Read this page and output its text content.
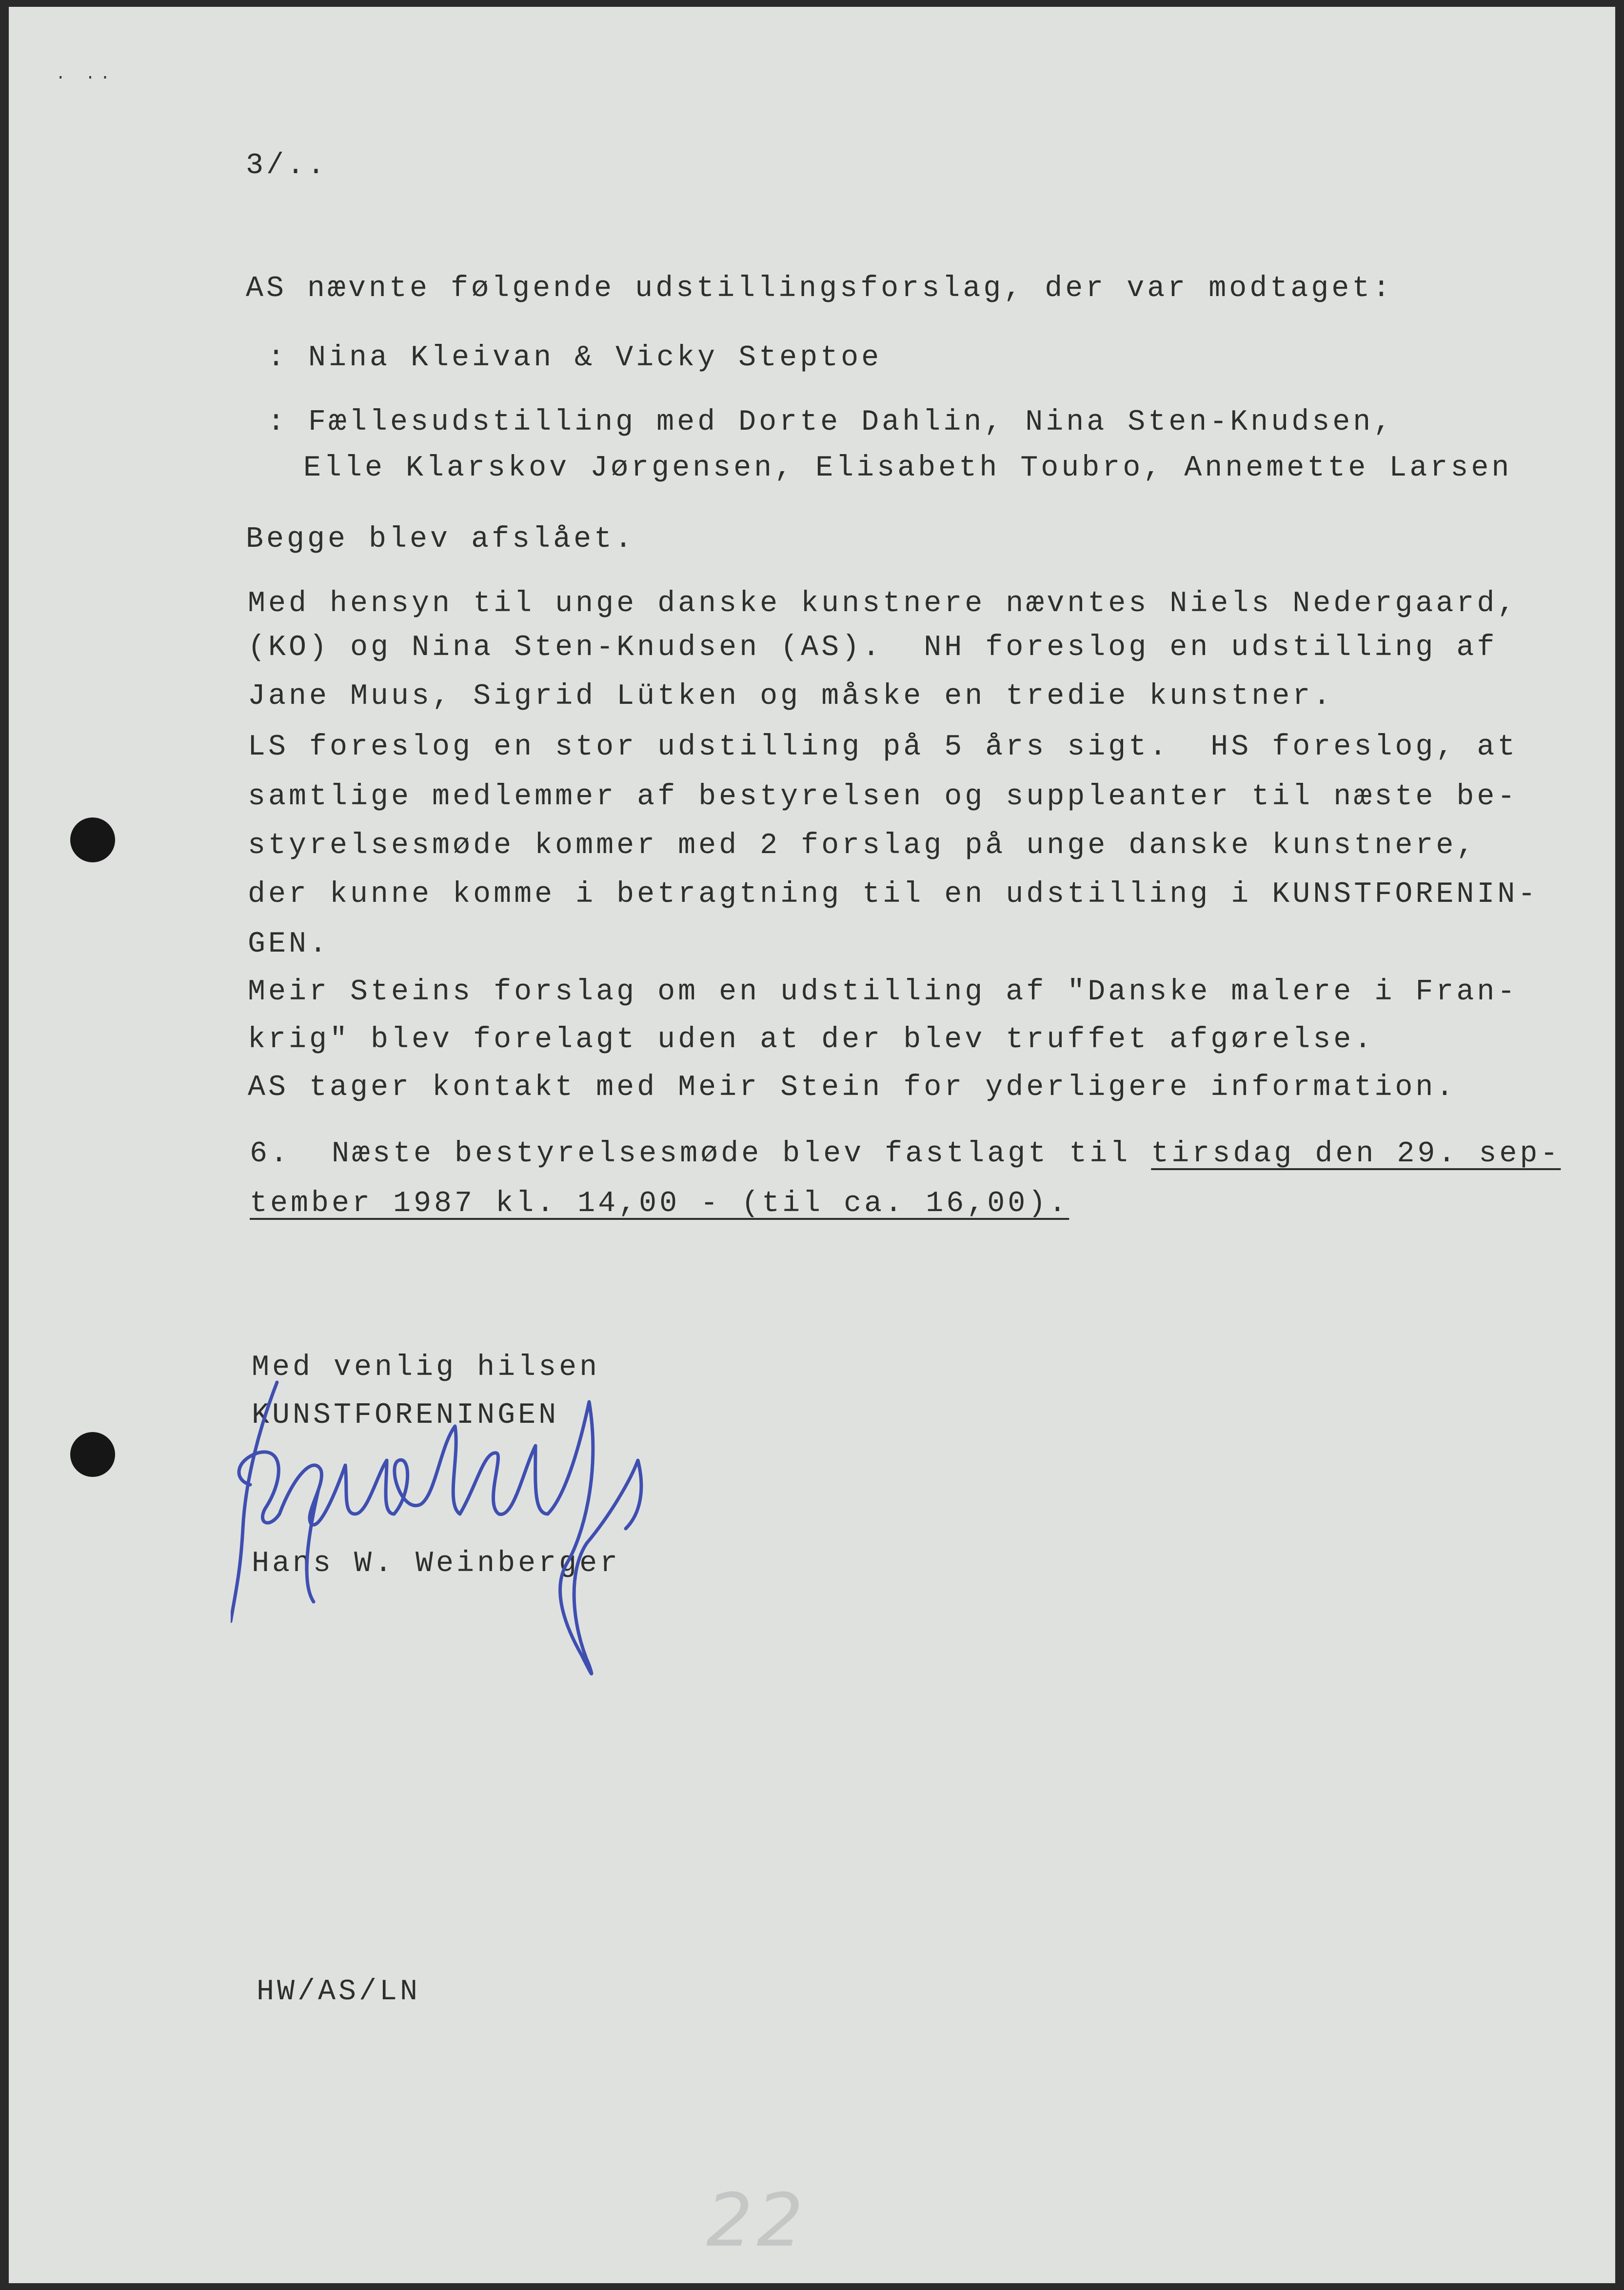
. ..
3/..
AS nævnte følgende udstillingsforslag, der var modtaget:
: Nina Kleivan & Vicky Steptoe
: Fællesudstilling med Dorte Dahlin, Nina Sten-Knudsen,
Elle Klarskov Jørgensen, Elisabeth Toubro, Annemette Larsen
Begge blev afslået.
Med hensyn til unge danske kunstnere nævntes Niels Nedergaard,
(KO) og Nina Sten-Knudsen (AS).  NH foreslog en udstilling af
Jane Muus, Sigrid Lütken og måske en tredie kunstner.
LS foreslog en stor udstilling på 5 års sigt.  HS foreslog, at
samtlige medlemmer af bestyrelsen og suppleanter til næste be-
styrelsesmøde kommer med 2 forslag på unge danske kunstnere,
der kunne komme i betragtning til en udstilling i KUNSTFORENIN-
GEN.
Meir Steins forslag om en udstilling af "Danske malere i Fran-
krig" blev forelagt uden at der blev truffet afgørelse.
AS tager kontakt med Meir Stein for yderligere information.
6.  Næste bestyrelsesmøde blev fastlagt til tirsdag den 29. sep-
tember 1987 kl. 14,00 - (til ca. 16,00).
Med venlig hilsen
KUNSTFORENINGEN
Hans W. Weinberger
HW/AS/LN
22
